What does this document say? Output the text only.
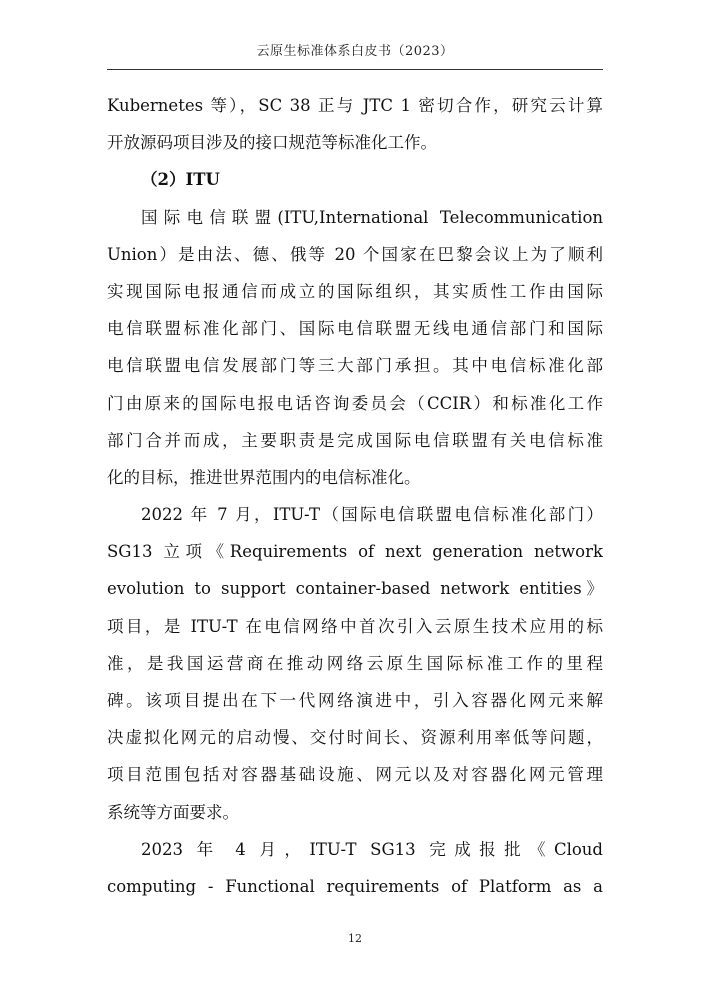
云原生标准体系白皮书（2023）
Kubernetes 等），SC 38 正与 JTC 1 密切合作，研究云计算
开放源码项目涉及的接口规范等标准化工作。
（2）ITU
国际电信联盟(ITU,International Telecommunication
Union）是由法、德、俄等 20 个国家在巴黎会议上为了顺利
实现国际电报通信而成立的国际组织，其实质性工作由国际
电信联盟标准化部门、国际电信联盟无线电通信部门和国际
电信联盟电信发展部门等三大部门承担。其中电信标准化部
门由原来的国际电报电话咨询委员会（CCIR）和标准化工作
部门合并而成，主要职责是完成国际电信联盟有关电信标准
化的目标，推进世界范围内的电信标准化。
2022 年 7 月，ITU-T（国际电信联盟电信标准化部门）
SG13 立项《Requirements of next generation network
evolution to support container-based network entities》
项目，是 ITU-T 在电信网络中首次引入云原生技术应用的标
准，是我国运营商在推动网络云原生国际标准工作的里程
碑。该项目提出在下一代网络演进中，引入容器化网元来解
决虚拟化网元的启动慢、交付时间长、资源利用率低等问题，
项目范围包括对容器基础设施、网元以及对容器化网元管理
系统等方面要求。
2023 年 4 月，ITU-T SG13 完成报批《Cloud
computing - Functional requirements of Platform as a
12
